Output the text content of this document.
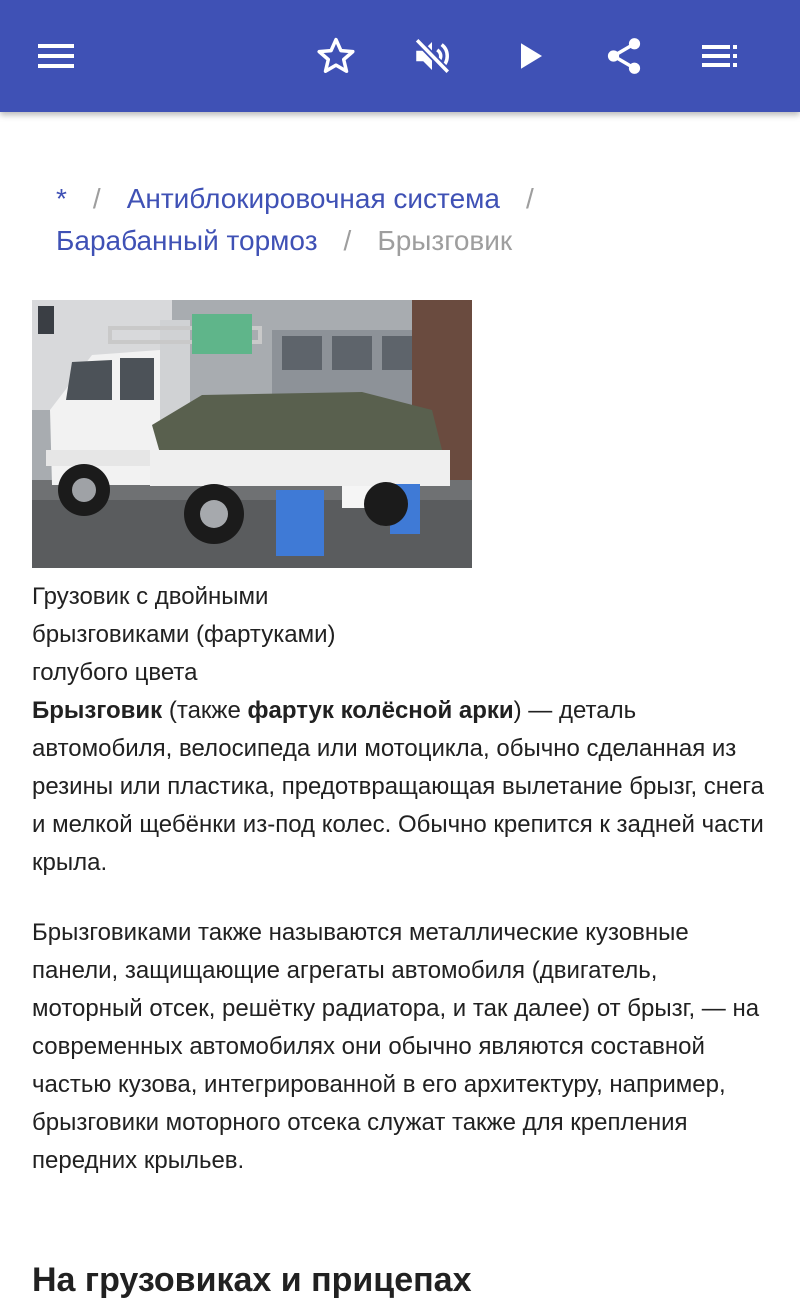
* / Антиблокировочная система /
Барабанный тормоз / Брызговик
Грузовик с двойными
брызговиками (фартуками)
голубого цвета

Брызговик (также фартук колёсной арки) — деталь автомобиля, велосипеда или мотоцикла, обычно сделанная из резины или пластика, предотвращающая вылетание брызг, снега и мелкой щебёнки из-под колес. Обычно крепится к задней части крыла.

Брызговиками также называются металлические кузовные панели, защищающие агрегаты автомобиля (двигатель, моторный отсек, решётку радиатора, и так далее) от брызг, — на современных автомобилях они обычно являются составной частью кузова, интегрированной в его архитектуру, например, брызговики моторного отсека служат также для крепления передних крыльев.

На грузовиках и прицепах
